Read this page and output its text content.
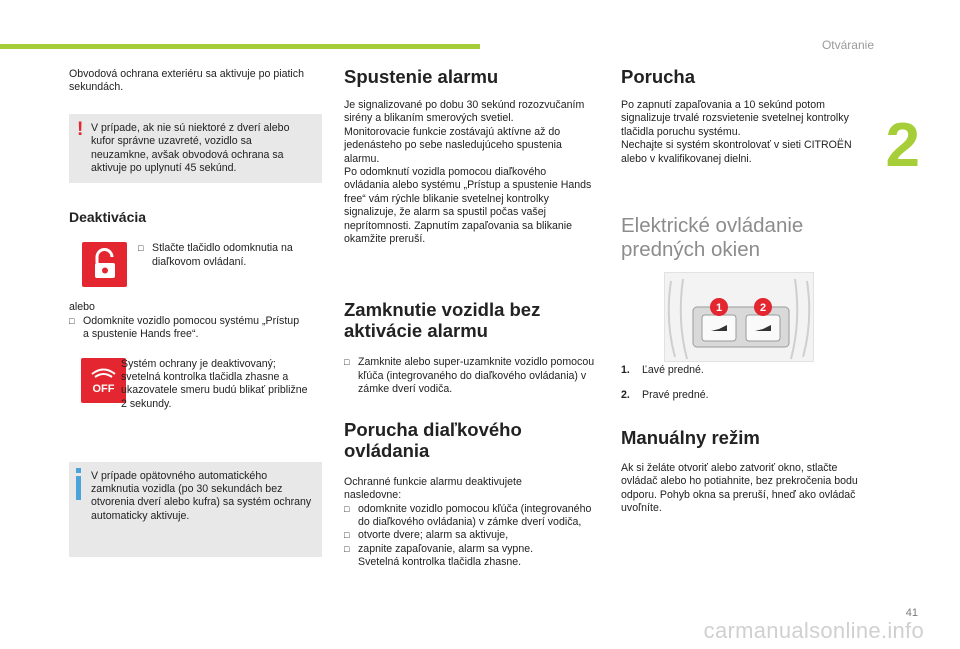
Otváranie
2

Obvodová ochrana exteriéru sa aktivuje po piatich sekundách.

! V prípade, ak nie sú niektoré z dverí alebo kufor správne uzavreté, vozidlo sa neuzamkne, avšak obvodová ochrana sa aktivuje po uplynutí 45 sekúnd.

Deaktivácia
□ Stlačte tlačidlo odomknutia na diaľkovom ovládaní.

alebo

□ Odomknite vozidlo pomocou systému „Prístup a spustenie Hands free“.

OFF

Systém ochrany je deaktivovaný; svetelná kontrolka tlačidla zhasne a ukazovatele smeru budú blikať približne 2 sekundy.

V prípade opätovného automatického zamknutia vozidla (po 30 sekundách bez otvorenia dverí alebo kufra) sa systém ochrany automaticky aktivuje.

Spustenie alarmu

Je signalizované po dobu 30 sekúnd rozozvučaním sirény a blikaním smerových svetiel.
Monitorovacie funkcie zostávajú aktívne až do jedenásteho po sebe nasledujúceho spustenia alarmu.
Po odomknutí vozidla pomocou diaľkového ovládania alebo systému „Prístup a spustenie Hands free“ vám rýchle blikanie svetelnej kontrolky signalizuje, že alarm sa spustil počas vašej neprítomnosti. Zapnutím zapaľovania sa blikanie okamžite preruší.

Zamknutie vozidla bez aktivácie alarmu
□ Zamknite alebo super-uzamknite vozidlo pomocou kľúča (integrovaného do diaľkového ovládania) v zámke dverí vodiča.

Porucha diaľkového ovládania

Ochranné funkcie alarmu deaktivujete nasledovne:

□ odomknite vozidlo pomocou kľúča (integrovaného do diaľkového ovládania) v zámke dverí vodiča,

□ otvorte dvere; alarm sa aktivuje,

□ zapnite zapaľovanie, alarm sa vypne. Svetelná kontrolka tlačidla zhasne.

Porucha

Po zapnutí zapaľovania a 10 sekúnd potom signalizuje trvalé rozsvietenie svetelnej kontrolky tlačidla poruchu systému.
Nechajte si systém skontrolovať v sieti CITROËN alebo v kvalifikovanej dielni.

Elektrické ovládanie predných okien
1	2
1. Ľavé predné.
2. Pravé predné.
Manuálny režim

Ak si želáte otvoriť alebo zatvoriť okno, stlačte ovládač alebo ho potiahnite, bez prekročenia bodu odporu. Pohyb okna sa preruší, hneď ako ovládač uvoľníte.

41
carmanualsonline.info
